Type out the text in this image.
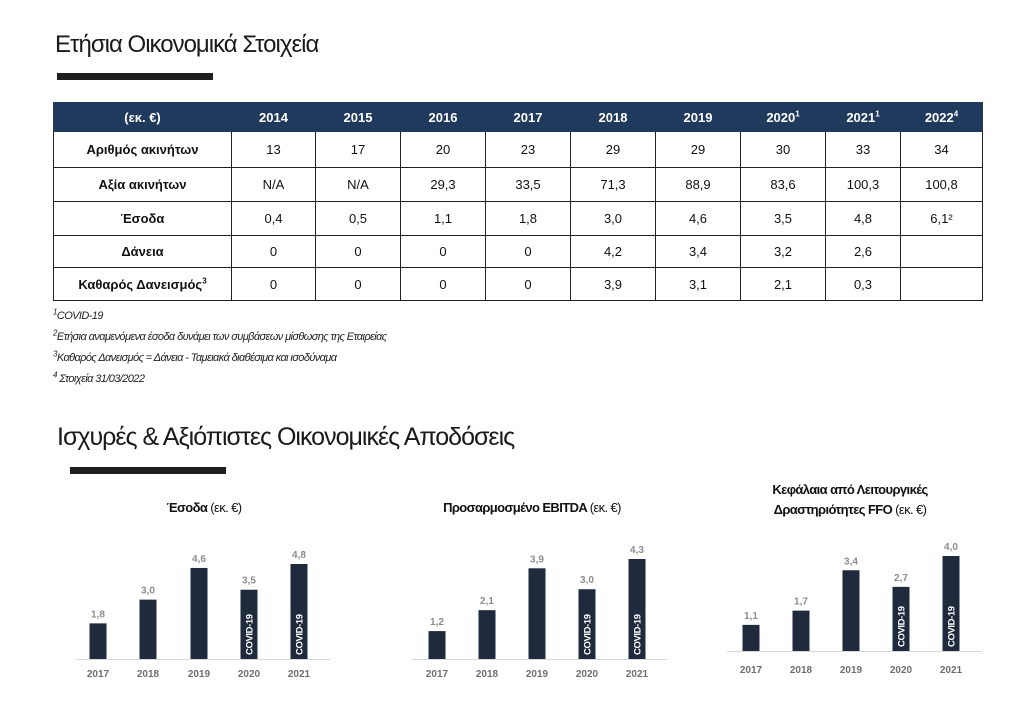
Ετήσια Οικονομικά Στοιχεία
(εκ. €)	2014	2015	2016	2017	2018	2019	2020$^1$	2021$^1$	2022$^4$
Αριθμός ακινήτων	13	17	20	23	29	29	30	33	34
Αξία ακινήτων	N/A	N/A	29,3	33,5	71,3	88,9	83,6	100,3	100,8
Έσοδα	0,4	0,5	1,1	1,8	3,0	4,6	3,5	4,8	6,1²
Δάνεια	0	0	0	0	4,2	3,4	3,2	2,6	
Καθαρός Δανεισμός$^3$	0	0	0	0	3,9	3,1	2,1	0,3	
$^1$COVID-19
$^2$Ετήσια αναμενόμενα έσοδα δυνάμει των συμβάσεων μίσθωσης της Εταιρείας
$^3$Καθαρός Δανεισμός = Δάνεια - Ταμειακά διαθέσιμα και ισοδύναμα
$^4$ Στοιχεία 31/03/2022
Ισχυρές & Αξιόπιστες Οικονομικές Αποδόσεις
Έσοδα (εκ. €)
1,8
2017
3,0
2018
4,6
2019
3,5
2020
COVID-19
4,8
2021
COVID-19
Προσαρμοσμένο EBITDA (εκ. €)
1,2
2017
2,1
2018
3,9
2019
3,0
2020
COVID-19
4,3
2021
COVID-19
Κεφάλαια από Λειτουργικές
Δραστηριότητες FFO (εκ. €)
1,1
2017
1,7
2018
3,4
2019
2,7
2020
COVID-19
4,0
2021
COVID-19
